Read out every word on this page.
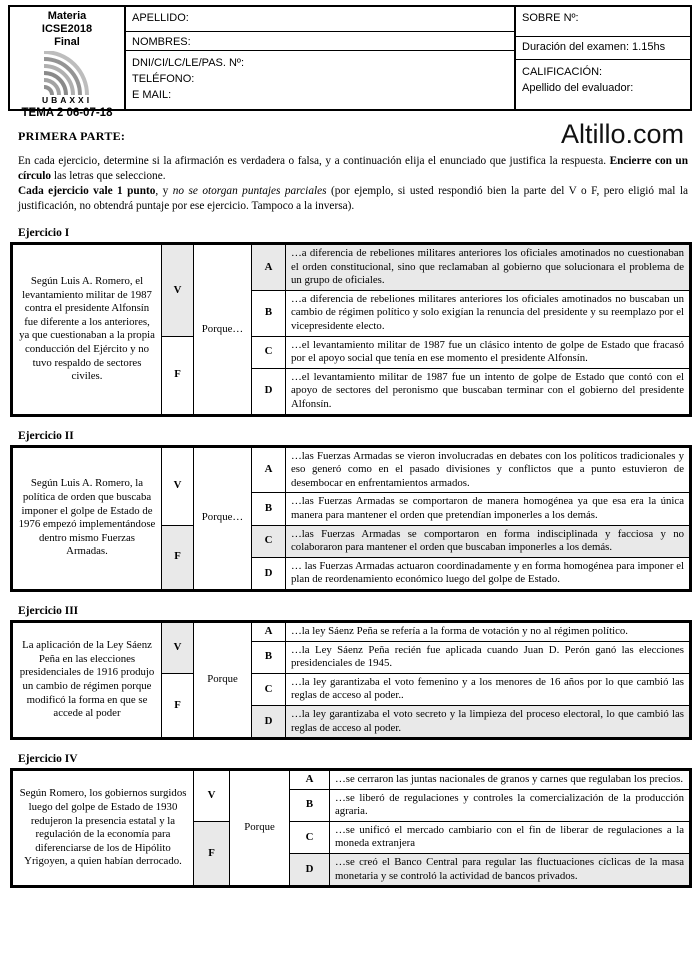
Materia
ICSE2018
Final
UBAXXI
TEMA 2 06-07-18
APELLIDO:
NOMBRES:
DNI/CI/LC/LE/PAS. Nº:
TELÉFONO:
E MAIL:
SOBRE Nº:
Duración del examen: 1.15hs
CALIFICACIÓN:
Apellido del evaluador:
PRIMERA PARTE:	Altillo.com
En cada ejercicio, determine si la afirmación es verdadera o falsa, y a continuación elija el enunciado que justifica la respuesta. Encierre con un círculo las letras que seleccione.
Cada ejercicio vale 1 punto, y no se otorgan puntajes parciales (por ejemplo, si usted respondió bien la parte del V o F, pero eligió mal la justificación, no obtendrá puntaje por ese ejercicio. Tampoco a la inversa).
Ejercicio I
Según Luis A. Romero, el levantamiento militar de 1987 contra el presidente Alfonsín fue diferente a los anteriores, ya que cuestionaban a la propia conducción del Ejército y no tuvo respaldo de sectores civiles.	V	Porque…	A	…a diferencia de rebeliones militares anteriores los oficiales amotinados no cuestionaban el orden constitucional, sino que reclamaban al gobierno que solucionara el problema de un grupo de oficiales.
			B	…a diferencia de rebeliones militares anteriores los oficiales amotinados no buscaban un cambio de régimen político y solo exigían la renuncia del presidente y su reemplazo por el vicepresidente electo.
	F		C	…el levantamiento militar de 1987 fue un clásico intento de golpe de Estado que fracasó por el apoyo social que tenía en ese momento el presidente Alfonsín.
			D	…el levantamiento militar de 1987 fue un intento de golpe de Estado que contó con el apoyo de sectores del peronismo que buscaban terminar con el gobierno del presidente Alfonsín.
Ejercicio II
Según Luis A. Romero, la política de orden que buscaba imponer el golpe de Estado de 1976 empezó implementándose dentro mismo Fuerzas Armadas.	V	Porque…	A	…las Fuerzas Armadas se vieron involucradas en debates con los políticos tradicionales y eso generó como en el pasado divisiones y conflictos que a punto estuvieron de desembocar en enfrentamientos armados.
			B	…las Fuerzas Armadas se comportaron de manera homogénea ya que esa era la única manera para mantener el orden que pretendían imponerles a los demás.
	F		C	…las Fuerzas Armadas se comportaron en forma indisciplinada y facciosa y no colaboraron para mantener el orden que buscaban imponerles a los demás.
			D	… las Fuerzas Armadas actuaron coordinadamente y en forma homogénea para imponer el plan de reordenamiento económico luego del golpe de Estado.
Ejercicio III
La aplicación de la Ley Sáenz Peña en las elecciones presidenciales de 1916 produjo un cambio de régimen porque modificó la forma en que se accede al poder	V	Porque	A	…la ley Sáenz Peña se refería a la forma de votación y no al régimen político.
			B	…la Ley Sáenz Peña recién fue aplicada cuando Juan D. Perón ganó las elecciones presidenciales de 1945.
	F		C	…la ley garantizaba el voto femenino y a los menores de 16 años por lo que cambió las reglas de acceso al poder..
			D	…la ley garantizaba el voto secreto y la limpieza del proceso electoral, lo que cambió las reglas de acceso al poder.
Ejercicio IV
Según Romero, los gobiernos surgidos luego del golpe de Estado de 1930 redujeron la presencia estatal y la regulación de la economía para diferenciarse de los de Hipólito Yrigoyen, a quien habían derrocado.	V	Porque	A	…se cerraron las juntas nacionales de granos y carnes que regulaban los precios.
			B	…se liberó de regulaciones y controles la comercialización de la producción agraria.
	F		C	…se unificó el mercado cambiario con el fin de liberar de regulaciones a la moneda extranjera
			D	…se creó el Banco Central para regular las fluctuaciones cíclicas de la masa monetaria y se controló la actividad de bancos privados.
